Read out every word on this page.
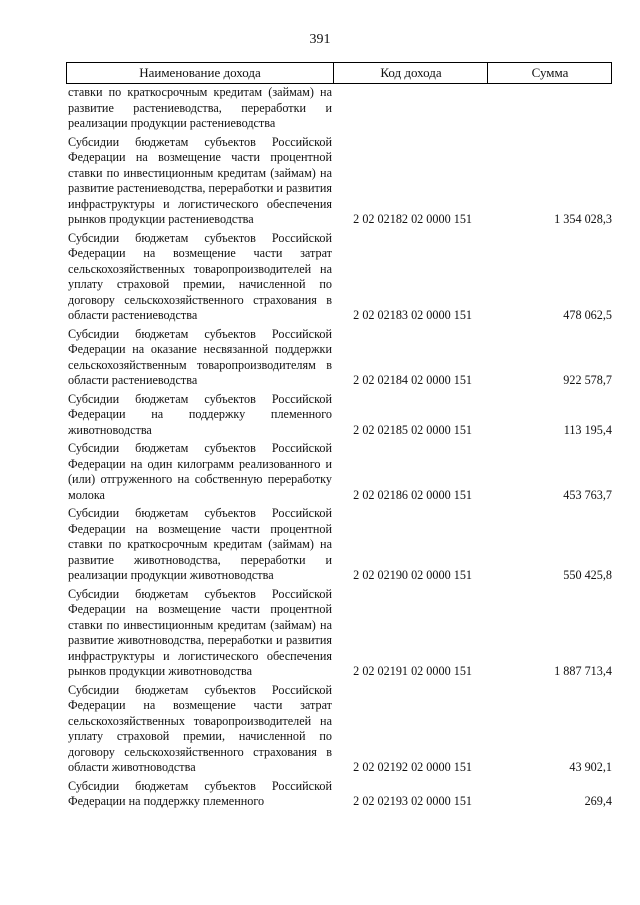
391
Наименование дохода	Код дохода	Сумма
ставки по краткосрочным кредитам (займам) на развитие растениеводства, переработки и реализации продукции растениеводства
Субсидии бюджетам субъектов Российской Федерации на возмещение части процентной ставки по инвестиционным кредитам (займам) на развитие растениеводства, переработки и развития инфраструктуры и логистического обеспечения рынков продукции растениеводства	2 02 02182 02 0000 151	1 354 028,3
Субсидии бюджетам субъектов Российской Федерации на возмещение части затрат сельскохозяйственных товаропроизводителей на уплату страховой премии, начисленной по договору сельскохозяйственного страхования в области растениеводства	2 02 02183 02 0000 151	478 062,5
Субсидии бюджетам субъектов Российской Федерации на оказание несвязанной поддержки сельскохозяйственным товаропроизводителям в области растениеводства	2 02 02184 02 0000 151	922 578,7
Субсидии бюджетам субъектов Российской Федерации на поддержку племенного животноводства	2 02 02185 02 0000 151	113 195,4
Субсидии бюджетам субъектов Российской Федерации на один килограмм реализованного и (или) отгруженного на собственную переработку молока	2 02 02186 02 0000 151	453 763,7
Субсидии бюджетам субъектов Российской Федерации на возмещение части процентной ставки по краткосрочным кредитам (займам) на развитие животноводства, переработки и реализации продукции животноводства	2 02 02190 02 0000 151	550 425,8
Субсидии бюджетам субъектов Российской Федерации на возмещение части процентной ставки по инвестиционным кредитам (займам) на развитие животноводства, переработки и развития инфраструктуры и логистического обеспечения рынков продукции животноводства	2 02 02191 02 0000 151	1 887 713,4
Субсидии бюджетам субъектов Российской Федерации на возмещение части затрат сельскохозяйственных товаропроизводителей на уплату страховой премии, начисленной по договору сельскохозяйственного страхования в области животноводства	2 02 02192 02 0000 151	43 902,1
Субсидии бюджетам субъектов Российской Федерации на поддержку племенного	2 02 02193 02 0000 151	269,4
